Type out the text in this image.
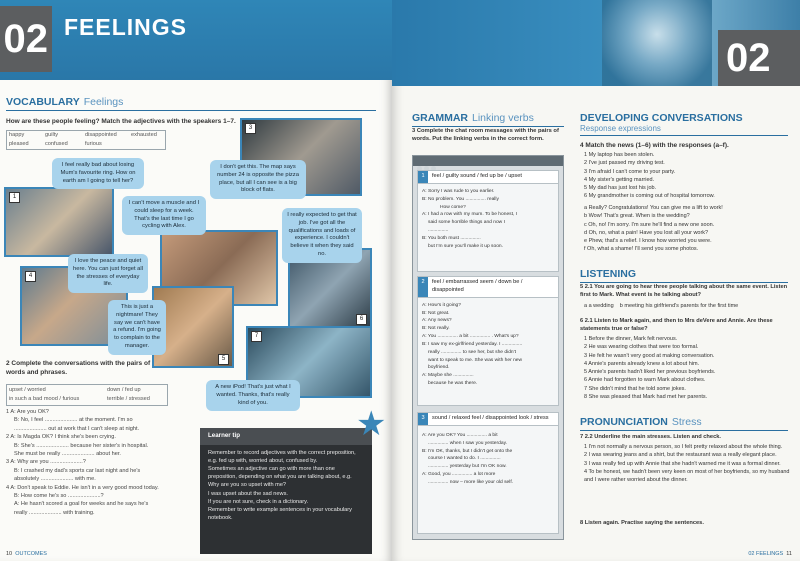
02 FEELINGS
VOCABULARY Feelings
How are these people feeling? Match the adjectives with the speakers 1–7.
happy	guilty	disappointed	exhausted
pleased	confused	furious
1
3
4
5
6
7
I feel really bad about losing Mum's favourite ring. How on earth am I going to tell her?
I can't move a muscle and I could sleep for a week. That's the last time I go cycling with Alex.
I don't get this. The map says number 24 is opposite the pizza place, but all I can see is a big block of flats.
I really expected to get that job. I've got all the qualifications and loads of experience. I couldn't believe it when they said no.
I love the peace and quiet here. You can just forget all the stresses of everyday life.
This is just a nightmare! They say we can't have a refund. I'm going to complain to the manager.
A new iPod! That's just what I wanted. Thanks, that's really kind of you.
2 Complete the conversations with the pairs of words and phrases.
upset / worried	down / fed up
in such a bad mood / furious	terrible / stressed
1 A: Are you OK?
B: No, I feel ..................... at the moment. I'm so
..................... out at work that I can't sleep at night.
2 A: Is Magda OK? I think she's been crying.
B: She's ..................... because her sister's in hospital.
She must be really ..................... about her.
3 A: Why are you .....................?
B: I crashed my dad's sports car last night and he's
absolutely ..................... with me.
4 A: Don't speak to Eddie. He isn't in a very good mood today.
B: How come he's so .....................?
A: He hasn't scored a goal for weeks and he says he's
really ..................... with training.
Learner tip
Remember to record adjectives with the correct preposition, e.g. fed up with, worried about, confused by.
Sometimes an adjective can go with more than one preposition, depending on what you are talking about, e.g. Why are you so upset with me?
I was upset about the sad news.
If you are not sure, check in a dictionary.
Remember to write example sentences in your vocabulary notebook.
★
10 OUTCOMES
02
GRAMMAR Linking verbs
3 Complete the chat room messages with the pairs of words. Put the linking verbs in the correct form.
1	feel / guilty sound / fed up be / upset
A: Sorry I was rude to you earlier.
B: No problem. You ............... really
How come?
A: I had a row with my mum. To be honest, I
said some horrible things and now I
...............
B: You both must ...............
but I'm sure you'll make it up soon.
2	feel / embarrassed seem / down be / disappointed
A: How's it going?
B: Not great.
A: Any news?
B: Not really.
A: You ............... a bit ............... . What's up?
B: I saw my ex-girlfriend yesterday. I ...............
really ............... to see her, but she didn't
want to speak to me. She was with her new
boyfriend.
A: Maybe she ...............
because he was there.
3	sound / relaxed feel / disappointed look / stress
A: Are you OK? You ............... a bit
............... when I saw you yesterday.
B: I'm OK, thanks, but I didn't get onto the
course I wanted to do. I ...............
............... yesterday but I'm OK now.
A: Good, you ............... a lot more
............... now – more like your old self.
DEVELOPING CONVERSATIONS
Response expressions
4 Match the news (1–6) with the responses (a–f).
1 My laptop has been stolen.
2 I've just passed my driving test.
3 I'm afraid I can't come to your party.
4 My sister's getting married.
5 My dad has just lost his job.
6 My grandmother is coming out of hospital tomorrow.
a Really? Congratulations! You can give me a lift to work!
b Wow! That's great. When is the wedding?
c Oh, no! I'm sorry. I'm sure he'll find a new one soon.
d Oh, no, what a pain! Have you lost all your work?
e Phew, that's a relief. I know how worried you were.
f Oh, what a shame! I'll send you some photos.
LISTENING
5 2.1 You are going to hear three people talking about the same event. Listen first to Mark. What event is he talking about?
a a wedding b meeting his girlfriend's parents for the first time
6 2.1 Listen to Mark again, and then to Mrs deVere and Annie. Are these statements true or false?
1 Before the dinner, Mark felt nervous.
2 He was wearing clothes that were too formal.
3 He felt he wasn't very good at making conversation.
4 Annie's parents already knew a lot about him.
5 Annie's parents hadn't liked her previous boyfriends.
6 Annie had forgotten to warn Mark about clothes.
7 She didn't mind that he told some jokes.
8 She was pleased that Mark had met her parents.
PRONUNCIATION Stress
7 2.2 Underline the main stresses. Listen and check.
1 I'm not normally a nervous person, so I felt pretty relaxed about the whole thing.
2 I was wearing jeans and a shirt, but the restaurant was a really elegant place.
3 I was really fed up with Annie that she hadn't warned me it was a formal dinner.
4 To be honest, we hadn't been very keen on most of her boyfriends, so my husband and I were rather worried about the dinner.
8 Listen again. Practise saying the sentences.
02 FEELINGS 11
